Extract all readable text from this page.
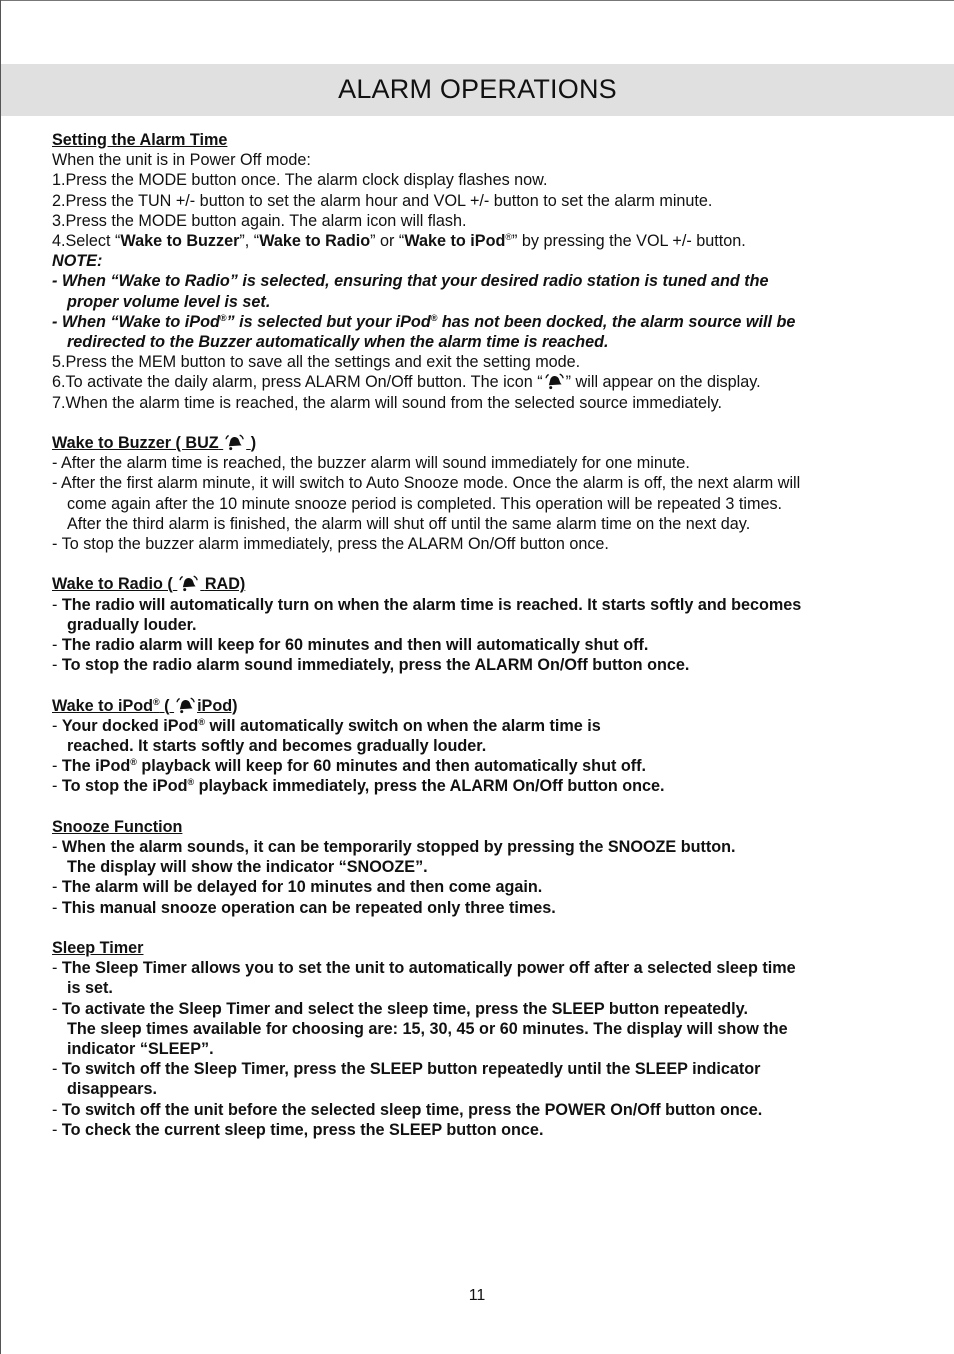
ALARM OPERATIONS
Setting the Alarm Time
When the unit is in Power Off mode:
1.Press the MODE button once. The alarm clock display flashes now.
2.Press the TUN +/- button to set the alarm hour and VOL +/- button to set the alarm minute.
3.Press the MODE button again. The alarm icon will flash.
4.Select “Wake to Buzzer”, “Wake to Radio” or “Wake to iPod®” by pressing the VOL +/- button.
NOTE:
- When “Wake to Radio” is selected, ensuring that your desired radio station is tuned and the
proper volume level is set.
- When “Wake to iPod®” is selected but your iPod® has not been docked, the alarm source will be
redirected to the Buzzer automatically when the alarm time is reached.
5.Press the MEM button to save all the settings and exit the setting mode.
6.To activate the daily alarm, press ALARM On/Off button. The icon “ ” will appear on the display.
7.When the alarm time is reached, the alarm will sound from the selected source immediately.
Wake to Buzzer ( BUZ )
- After the alarm time is reached, the buzzer alarm will sound immediately for one minute.
- After the first alarm minute, it will switch to Auto Snooze mode. Once the alarm is off, the next alarm will
come again after the 10 minute snooze period is completed. This operation will be repeated 3 times.
After the third alarm is finished, the alarm will shut off until the same alarm time on the next day.
- To stop the buzzer alarm immediately, press the ALARM On/Off button once.
Wake to Radio ( RAD)
- The radio will automatically turn on when the alarm time is reached. It starts softly and becomes
gradually louder.
- The radio alarm will keep for 60 minutes and then will automatically shut off.
- To stop the radio alarm sound immediately, press the ALARM On/Off button once.
Wake to iPod® ( iPod)
- Your docked iPod® will automatically switch on when the alarm time is
reached. It starts softly and becomes gradually louder.
- The iPod® playback will keep for 60 minutes and then automatically shut off.
- To stop the iPod® playback immediately, press the ALARM On/Off button once.
Snooze Function
- When the alarm sounds, it can be temporarily stopped by pressing the SNOOZE button.
The display will show the indicator “SNOOZE”.
- The alarm will be delayed for 10 minutes and then come again.
- This manual snooze operation can be repeated only three times.
Sleep Timer
- The Sleep Timer allows you to set the unit to automatically power off after a selected sleep time
is set.
- To activate the Sleep Timer and select the sleep time, press the SLEEP button repeatedly.
The sleep times available for choosing are: 15, 30, 45 or 60 minutes. The display will show the
indicator “SLEEP”.
- To switch off the Sleep Timer, press the SLEEP button repeatedly until the SLEEP indicator
disappears.
- To switch off the unit before the selected sleep time, press the POWER On/Off button once.
- To check the current sleep time, press the SLEEP button once.
11
